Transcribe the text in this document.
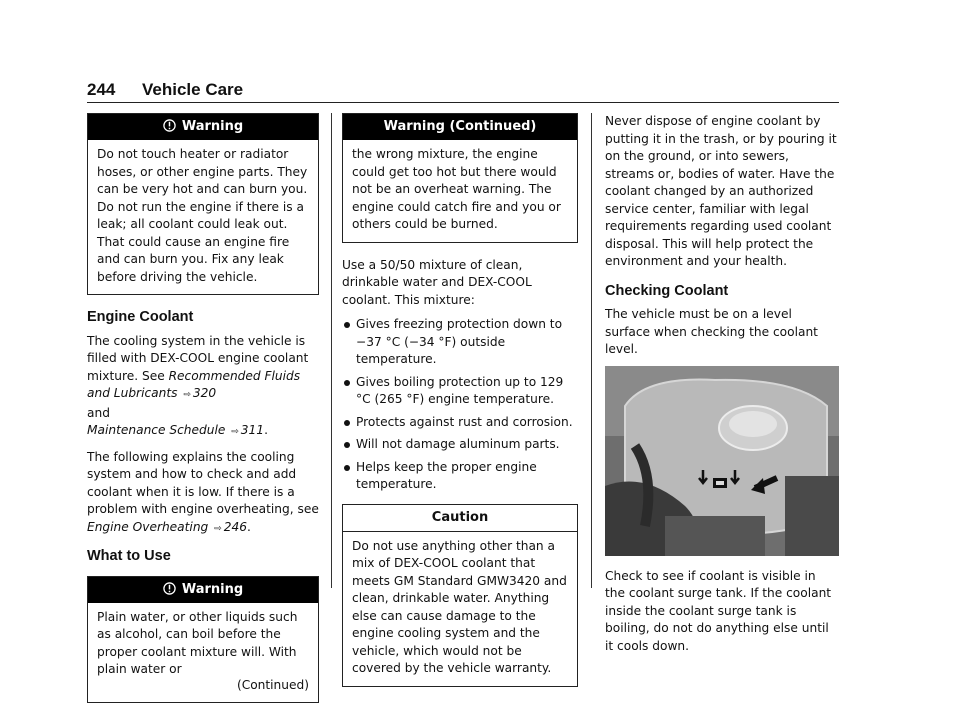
244 Vehicle Care
Warning
Do not touch heater or radiator hoses, or other engine parts. They can be very hot and can burn you. Do not run the engine if there is a leak; all coolant could leak out. That could cause an engine fire and can burn you. Fix any leak before driving the vehicle.
Engine Coolant

The cooling system in the vehicle is filled with DEX-COOL engine coolant mixture. See Recommended Fluids and Lubricants ⇨ 320
and
Maintenance Schedule ⇨ 311.

The following explains the cooling system and how to check and add coolant when it is low. If there is a problem with engine overheating, see Engine Overheating ⇨ 246.

What to Use
Warning
Plain water, or other liquids such as alcohol, can boil before the proper coolant mixture will. With plain water or
(Continued)
Warning (Continued)
the wrong mixture, the engine could get too hot but there would not be an overheat warning. The engine could catch fire and you or others could be burned.

Use a 50/50 mixture of clean, drinkable water and DEX-COOL coolant. This mixture:

Gives freezing protection down to −37 °C (−34 °F) outside temperature.
Gives boiling protection up to 129 °C (265 °F) engine temperature.
Protects against rust and corrosion.
Will not damage aluminum parts.
Helps keep the proper engine temperature.
Caution
Do not use anything other than a mix of DEX-COOL coolant that meets GM Standard GMW3420 and clean, drinkable water. Anything else can cause damage to the engine cooling system and the vehicle, which would not be covered by the vehicle warranty.

Never dispose of engine coolant by putting it in the trash, or by pouring it on the ground, or into sewers, streams or, bodies of water. Have the coolant changed by an authorized service center, familiar with legal requirements regarding used coolant disposal. This will help protect the environment and your health.

Checking Coolant

The vehicle must be on a level surface when checking the coolant level.

Check to see if coolant is visible in the coolant surge tank. If the coolant inside the coolant surge tank is boiling, do not do anything else until it cools down.
